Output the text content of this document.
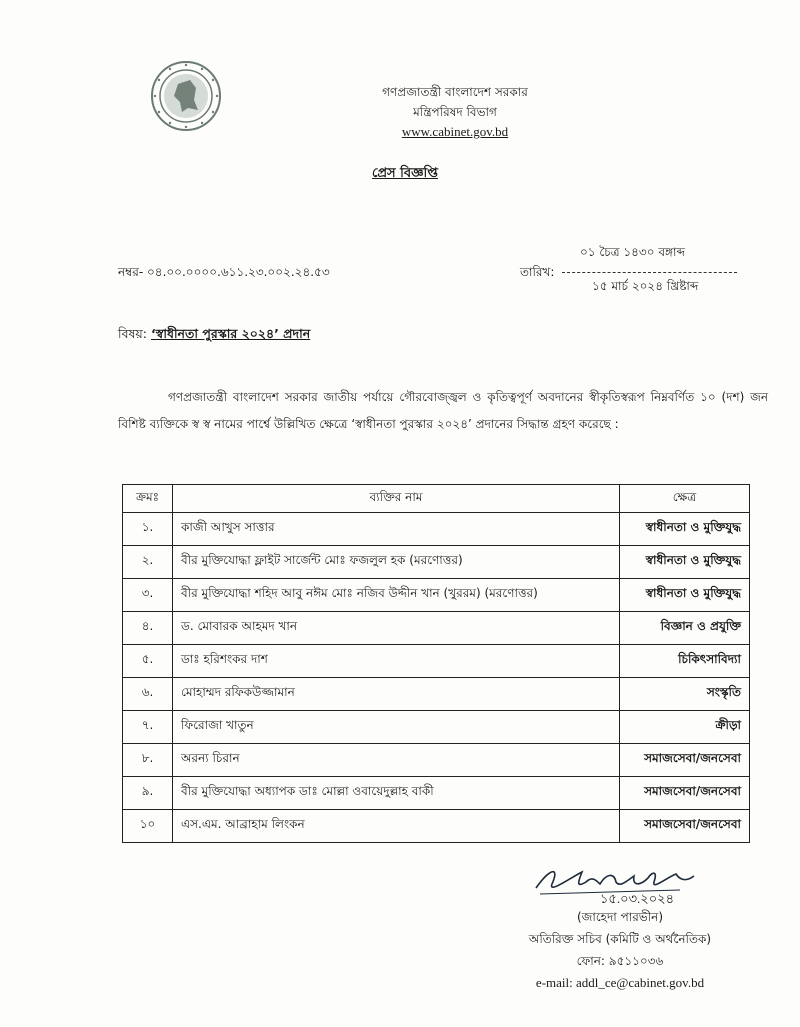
গণপ্রজাতন্ত্রী বাংলাদেশ সরকার
মন্ত্রিপরিষদ বিভাগ
www.cabinet.gov.bd
প্রেস বিজ্ঞপ্তি
০১ চৈত্র ১৪৩০ বঙ্গাব্দ
তারিখ:
১৫ মার্চ ২০২৪ খ্রিষ্টাব্দ
নম্বর- ০৪.০০.০০০০.৬১১.২৩.০০২.২৪.৫৩
বিষয়: ‘স্বাধীনতা পুরস্কার ২০২৪’ প্রদান
গণপ্রজাতন্ত্রী বাংলাদেশ সরকার জাতীয় পর্যায়ে গৌরবোজ্জ্বল ও কৃতিত্বপূর্ণ অবদানের স্বীকৃতিস্বরূপ নিম্নবর্ণিত ১০ (দশ) জন বিশিষ্ট ব্যক্তিকে স্ব স্ব নামের পার্শ্বে উল্লিখিত ক্ষেত্রে ‘স্বাধীনতা পুরস্কার ২০২৪’ প্রদানের সিদ্ধান্ত গ্রহণ করেছে :
ক্রমঃ	ব্যক্তির নাম	ক্ষেত্র
১.	কাজী আখুস সাত্তার	স্বাধীনতা ও মুক্তিযুদ্ধ
২.	বীর মুক্তিযোদ্ধা ফ্লাইট সার্জেন্ট মোঃ ফজলুল হক (মরণোত্তর)	স্বাধীনতা ও মুক্তিযুদ্ধ
৩.	বীর মুক্তিযোদ্ধা শহিদ আবু নঈম মোঃ নজিব উদ্দীন খান (খুররম) (মরণোত্তর)	স্বাধীনতা ও মুক্তিযুদ্ধ
৪.	ড. মোবারক আহমদ খান	বিজ্ঞান ও প্রযুক্তি
৫.	ডাঃ হরিশংকর দাশ	চিকিৎসাবিদ্যা
৬.	মোহাম্মদ রফিকউজ্জামান	সংস্কৃতি
৭.	ফিরোজা খাতুন	ক্রীড়া
৮.	অরন্য চিরান	সমাজসেবা/জনসেবা
৯.	বীর মুক্তিযোদ্ধা অধ্যাপক ডাঃ মোল্লা ওবায়েদুল্লাহ বাকী	সমাজসেবা/জনসেবা
১০	এস.এম. আব্রাহাম লিংকন	সমাজসেবা/জনসেবা
১৫.০৩.২০২৪
(জাহেদা পারভীন)
অতিরিক্ত সচিব (কমিটি ও অর্থনৈতিক)
ফোন: ৯৫১১০৩৬
e-mail: addl_ce@cabinet.gov.bd
